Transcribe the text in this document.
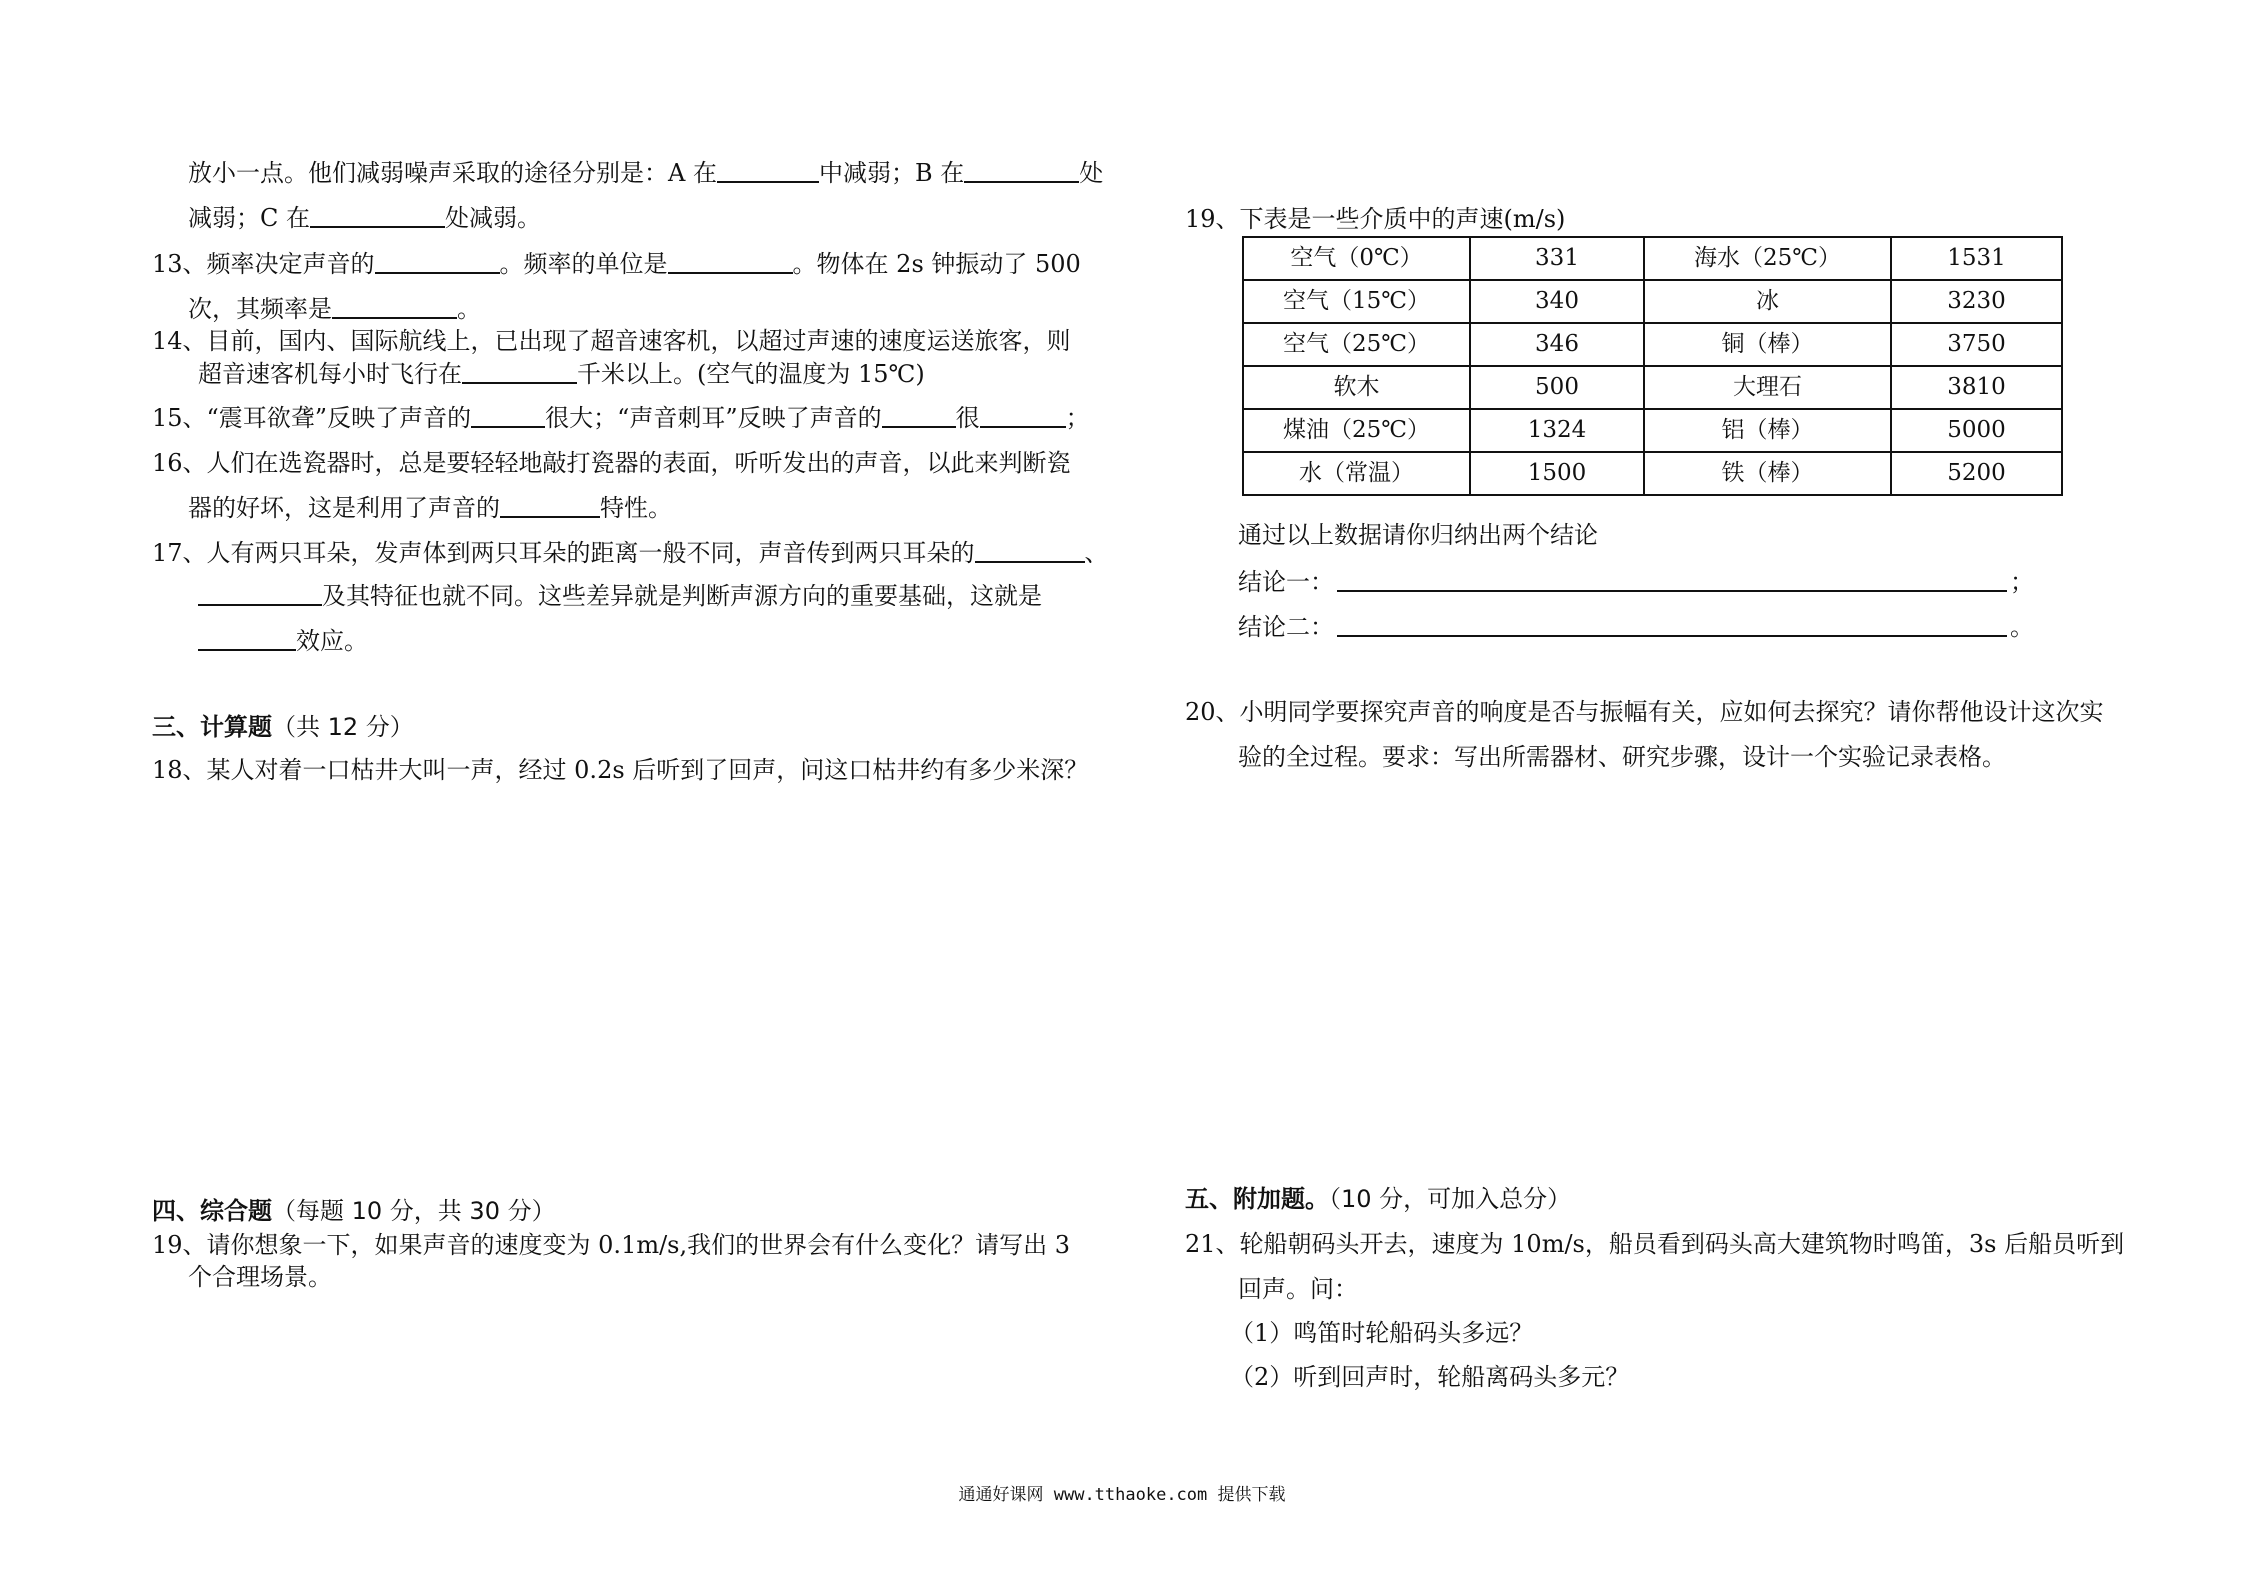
放小一点。他们减弱噪声采取的途径分别是：A 在	中减弱；B 在	处
减弱；C 在	处减弱。
13、频率决定声音的	。频率的单位是	。物体在 2s 钟振动了 500
次，其频率是	。
14、目前，国内、国际航线上，已出现了超音速客机，以超过声速的速度运送旅客，则
超音速客机每小时飞行在	千米以上。(空气的温度为 15℃)
15、“震耳欲聋”反映了声音的	很大；“声音刺耳”反映了声音的	很	；
16、人们在选瓷器时，总是要轻轻地敲打瓷器的表面，听听发出的声音，以此来判断瓷
器的好坏，这是利用了声音的	特性。
17、人有两只耳朵，发声体到两只耳朵的距离一般不同，声音传到两只耳朵的	、
及其特征也就不同。这些差异就是判断声源方向的重要基础，这就是
效应。
三、计算题（共 12 分）
18、某人对着一口枯井大叫一声，经过 0.2s 后听到了回声，问这口枯井约有多少米深？
四、综合题（每题 10 分，共 30 分）
19、请你想象一下，如果声音的速度变为 0.1m/s,我们的世界会有什么变化？请写出 3
个合理场景。
19、下表是一些介质中的声速(m/s)
空气（0℃）	331	海水（25℃）	1531
空气（15℃）	340	冰	3230
空气（25℃）	346	铜（棒）	3750
软木	500	大理石	3810
煤油（25℃）	1324	铝（棒）	5000
水（常温）	1500	铁（棒）	5200
通过以上数据请你归纳出两个结论
结论一：	；
结论二：	。
20、小明同学要探究声音的响度是否与振幅有关，应如何去探究？请你帮他设计这次实
验的全过程。要求：写出所需器材、研究步骤，设计一个实验记录表格。
五、附加题。（10 分，可加入总分）
21、轮船朝码头开去，速度为 10m/s，船员看到码头高大建筑物时鸣笛，3s 后船员听到
回声。问：
（1）鸣笛时轮船码头多远？
（2）听到回声时，轮船离码头多元？
通通好课网 www.tthaoke.com 提供下载
